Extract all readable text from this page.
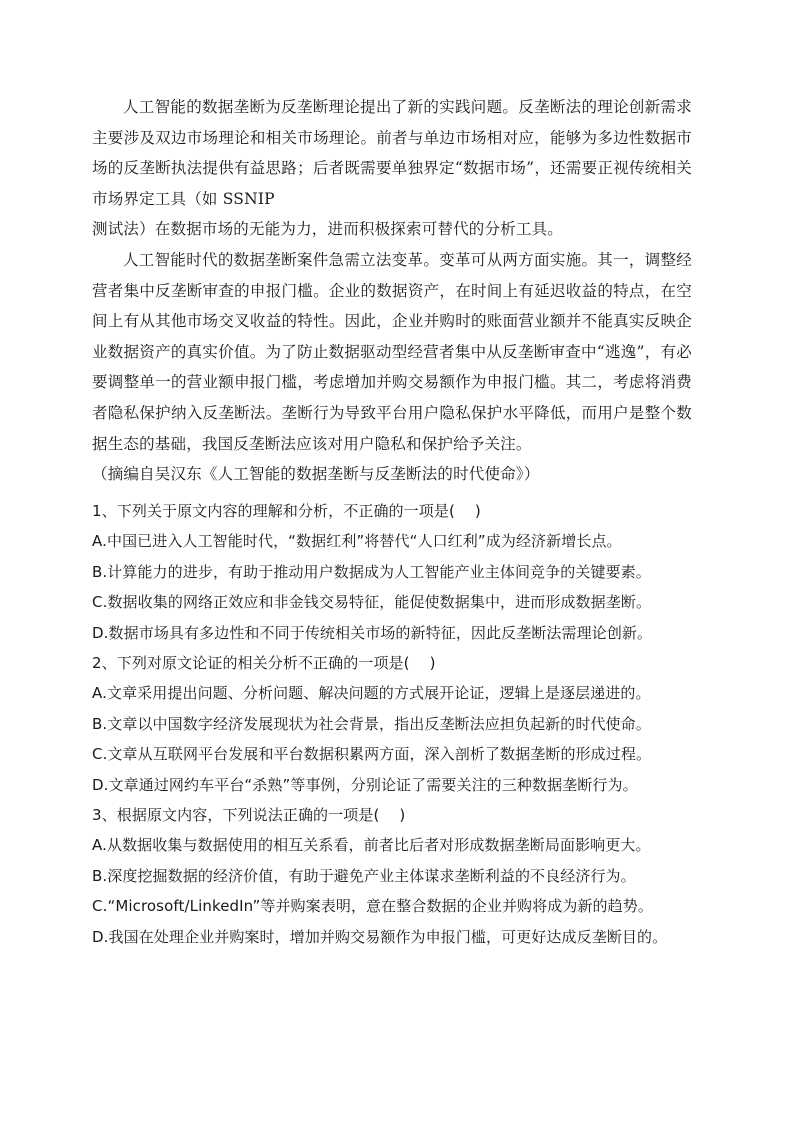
人工智能的数据垄断为反垄断理论提出了新的实践问题。反垄断法的理论创新需求主要涉及双边市场理论和相关市场理论。前者与单边市场相对应，能够为多边性数据市场的反垄断执法提供有益思路；后者既需要单独界定“数据市场”，还需要正视传统相关市场界定工具（如 SSNIP

测试法）在数据市场的无能为力，进而积极探索可替代的分析工具。

人工智能时代的数据垄断案件急需立法变革。变革可从两方面实施。其一，调整经营者集中反垄断审查的申报门槛。企业的数据资产，在时间上有延迟收益的特点，在空间上有从其他市场交叉收益的特性。因此，企业并购时的账面营业额并不能真实反映企业数据资产的真实价值。为了防止数据驱动型经营者集中从反垄断审查中“逃逸”，有必要调整单一的营业额申报门槛，考虑增加并购交易额作为申报门槛。其二，考虑将消费者隐私保护纳入反垄断法。垄断行为导致平台用户隐私保护水平降低，而用户是整个数据生态的基础，我国反垄断法应该对用户隐私和保护给予关注。

（摘编自吴汉东《人工智能的数据垄断与反垄断法的时代使命》）

1、下列关于原文内容的理解和分析，不正确的一项是(　 )
A.中国已进入人工智能时代，“数据红利”将替代“人口红利”成为经济新增长点。
B.计算能力的进步，有助于推动用户数据成为人工智能产业主体间竞争的关键要素。
C.数据收集的网络正效应和非金钱交易特征，能促使数据集中，进而形成数据垄断。
D.数据市场具有多边性和不同于传统相关市场的新特征，因此反垄断法需理论创新。
2、下列对原文论证的相关分析不正确的一项是(　 )
A.文章采用提出问题、分析问题、解决问题的方式展开论证，逻辑上是逐层递进的。
B.文章以中国数字经济发展现状为社会背景，指出反垄断法应担负起新的时代使命。
C.文章从互联网平台发展和平台数据积累两方面，深入剖析了数据垄断的形成过程。
D.文章通过网约车平台“杀熟”等事例，分别论证了需要关注的三种数据垄断行为。
3、根据原文内容，下列说法正确的一项是(　 )
A.从数据收集与数据使用的相互关系看，前者比后者对形成数据垄断局面影响更大。
B.深度挖掘数据的经济价值，有助于避免产业主体谋求垄断利益的不良经济行为。
C.“Microsoft/LinkedIn”等并购案表明，意在整合数据的企业并购将成为新的趋势。
D.我国在处理企业并购案时，增加并购交易额作为申报门槛，可更好达成反垄断目的。
